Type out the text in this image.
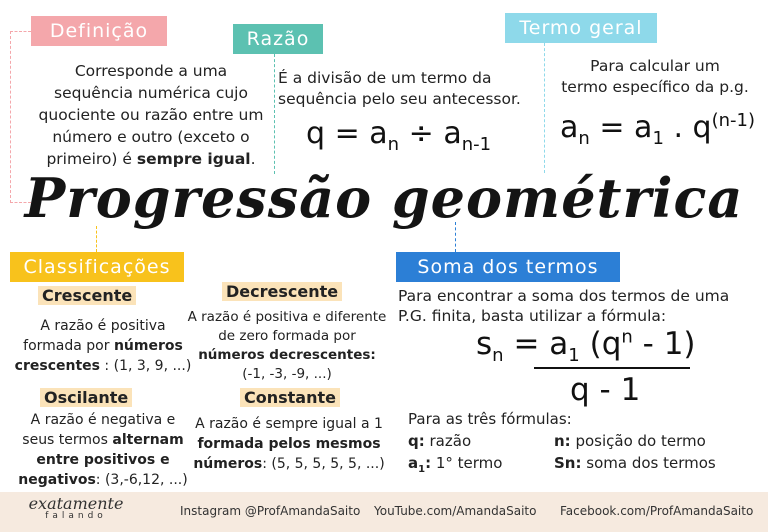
Definição
Corresponde a uma
sequência numérica cujo
quociente ou razão entre um
número e outro (exceto o
primeiro) é sempre igual.
Razão
É a divisão de um termo da
sequência pelo seu antecessor.
$q = a_n \div a_{n-1}$
Termo geral
Para calcular um
termo específico da p.g.
$a_n = a_1$ . $q^{(n-1)}$
Progressão geométrica
Classificações
Crescente
A razão é positiva
formada por números
crescentes : (1, 3, 9, ...)
Decrescente
A razão é positiva e diferente
de zero formada por
números decrescentes:
(-1, -3, -9, ...)
Oscilante
A razão é negativa e
seus termos alternam
entre positivos e
negativos: (3,-6,12, ...)
Constante
A razão é sempre igual a 1
formada pelos mesmos
números: (5, 5, 5, 5, 5, ...)
Soma dos termos
Para encontrar a soma dos termos de uma
P.G. finita, basta utilizar a fórmula:
$s_n = a_1$ $(q^n - 1)$
q - 1
Para as três fórmulas:
q: razão
$a_1$: 1° termo
n: posição do termo
Sn: soma dos termos
exatamente
falando	Instagram @ProfAmandaSaito YouTube.com/AmandaSaito Facebook.com/ProfAmandaSaito
